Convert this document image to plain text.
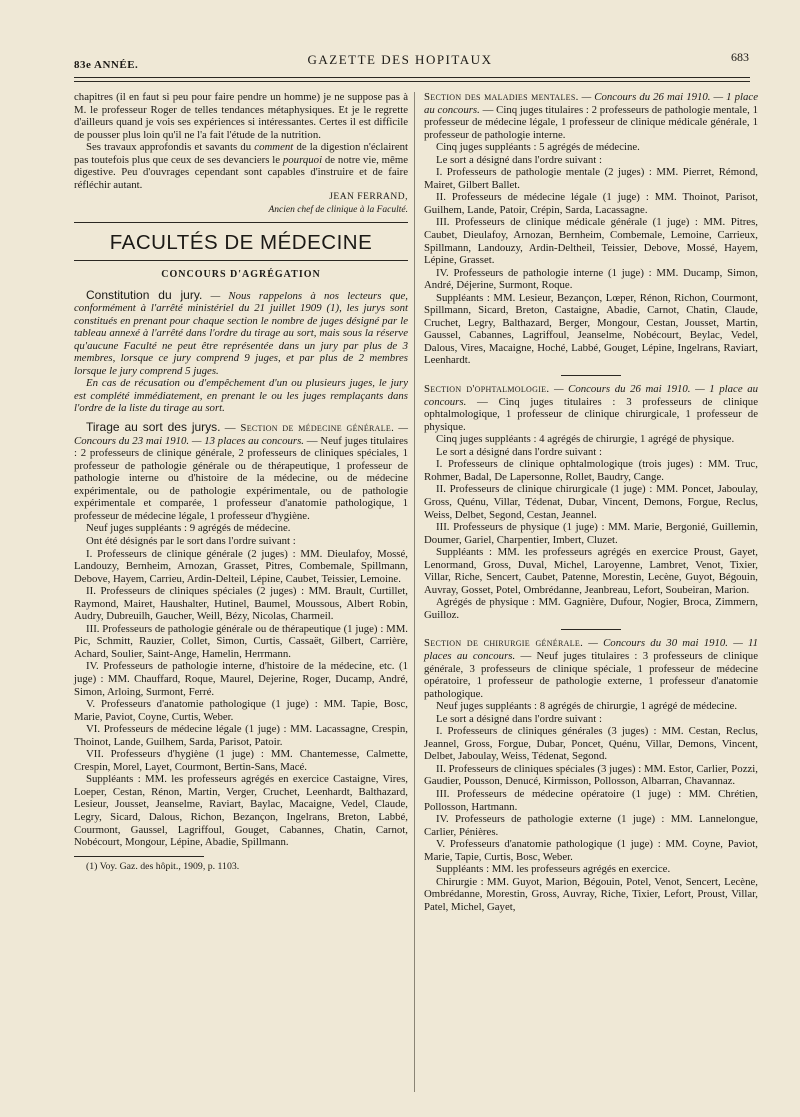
83e ANNÉE.	GAZETTE DES HOPITAUX	683

chapitres (il en faut si peu pour faire pendre un homme) je ne suppose pas à M. le professeur Roger de telles tendances métaphysiques. Et je le regrette d'ailleurs quand je vois ses expériences si intéressantes. Certes il est difficile de pousser plus loin qu'il ne l'a fait l'étude de la nutrition.

Ses travaux approfondis et savants du comment de la digestion n'éclairent pas toutefois plus que ceux de ses devanciers le pourquoi de notre vie, même digestive. Peu d'ouvrages cependant sont capables d'instruire et de faire réfléchir autant.

JEAN FERRAND,
Ancien chef de clinique à la Faculté.
FACULTÉS DE MÉDECINE
CONCOURS D'AGRÉGATION

Constitution du jury. — Nous rappelons à nos lecteurs que, conformément à l'arrêté ministériel du 21 juillet 1909 (1), les jurys sont constitués en prenant pour chaque section le nombre de juges désigné par le tableau annexé à l'arrêté dans l'ordre du tirage au sort, mais sous la réserve qu'aucune Faculté ne peut être représentée dans un jury par plus de 3 membres, lorsque ce jury comprend 9 juges, et par plus de 2 membres lorsque le jury comprend 5 juges.

En cas de récusation ou d'empêchement d'un ou plusieurs juges, le jury est complété immédiatement, en prenant le ou les juges remplaçants dans l'ordre de la liste du tirage au sort.

Tirage au sort des jurys. — Section de médecine générale. — Concours du 23 mai 1910. — 13 places au concours. — Neuf juges titulaires : 2 professeurs de clinique générale, 2 professeurs de cliniques spéciales, 1 professeur de pathologie générale ou de thérapeutique, 1 professeur de pathologie interne ou d'histoire de la médecine, ou de médecine expérimentale, ou de pathologie expérimentale, ou de pathologie expérimentale et comparée, 1 professeur d'anatomie pathologique, 1 professeur de médecine légale, 1 professeur d'hygiène.

Neuf juges suppléants : 9 agrégés de médecine.

Ont été désignés par le sort dans l'ordre suivant :

I. Professeurs de clinique générale (2 juges) : MM. Dieulafoy, Mossé, Landouzy, Bernheim, Arnozan, Grasset, Pitres, Combemale, Spillmann, Debove, Hayem, Carrieu, Ardin-Delteil, Lépine, Caubet, Teissier, Lemoine.

II. Professeurs de cliniques spéciales (2 juges) : MM. Brault, Curtillet, Raymond, Mairet, Haushalter, Hutinel, Baumel, Moussous, Albert Robin, Audry, Dubreuilh, Gaucher, Weill, Bézy, Nicolas, Charmeil.

III. Professeurs de pathologie générale ou de thérapeutique (1 juge) : MM. Pic, Schmitt, Rauzier, Collet, Simon, Curtis, Cassaët, Gilbert, Carrière, Achard, Soulier, Saint-Ange, Hamelin, Herrmann.

IV. Professeurs de pathologie interne, d'histoire de la médecine, etc. (1 juge) : MM. Chauffard, Roque, Maurel, Dejerine, Roger, Ducamp, André, Simon, Arloing, Surmont, Ferré.

V. Professeurs d'anatomie pathologique (1 juge) : MM. Tapie, Bosc, Marie, Paviot, Coyne, Curtis, Weber.

VI. Professeurs de médecine légale (1 juge) : MM. Lacassagne, Crespin, Thoinot, Lande, Guilhem, Sarda, Parisot, Patoir.

VII. Professeurs d'hygiène (1 juge) : MM. Chantemesse, Calmette, Crespin, Morel, Layet, Courmont, Bertin-Sans, Macé.

Suppléants : MM. les professeurs agrégés en exercice Castaigne, Vires, Loeper, Cestan, Rénon, Martin, Verger, Cruchet, Leenhardt, Balthazard, Lesieur, Jousset, Jeanselme, Raviart, Baylac, Macaigne, Vedel, Claude, Legry, Sicard, Dalous, Richon, Bezançon, Ingelrans, Breton, Labbé, Courmont, Gaussel, Lagriffoul, Gouget, Cabannes, Chatin, Carnot, Nobécourt, Mongour, Lépine, Abadie, Spillmann.

(1) Voy. Gaz. des hôpit., 1909, p. 1103.

Section des maladies mentales. — Concours du 26 mai 1910. — 1 place au concours. — Cinq juges titulaires : 2 professeurs de pathologie mentale, 1 professeur de médecine légale, 1 professeur de clinique médicale générale, 1 professeur de pathologie interne.

Cinq juges suppléants : 5 agrégés de médecine.

Le sort a désigné dans l'ordre suivant :

I. Professeurs de pathologie mentale (2 juges) : MM. Pierret, Rémond, Mairet, Gilbert Ballet.

II. Professeurs de médecine légale (1 juge) : MM. Thoinot, Parisot, Guilhem, Lande, Patoir, Crépin, Sarda, Lacassagne.

III. Professeurs de clinique médicale générale (1 juge) : MM. Pitres, Caubet, Dieulafoy, Arnozan, Bernheim, Combemale, Lemoine, Carrieux, Spillmann, Landouzy, Ardin-Deltheil, Teissier, Debove, Mossé, Hayem, Lépine, Grasset.

IV. Professeurs de pathologie interne (1 juge) : MM. Ducamp, Simon, André, Déjerine, Surmont, Roque.

Suppléants : MM. Lesieur, Bezançon, Lœper, Rénon, Richon, Courmont, Spillmann, Sicard, Breton, Castaigne, Abadie, Carnot, Chatin, Claude, Cruchet, Legry, Balthazard, Berger, Mongour, Cestan, Jousset, Martin, Gaussel, Cabannes, Lagriffoul, Jeanselme, Nobécourt, Beylac, Vedel, Dalous, Vires, Macaigne, Hoché, Labbé, Gouget, Lépine, Ingelrans, Raviart, Leenhardt.

Section d'ophtalmologie. — Concours du 26 mai 1910. — 1 place au concours. — Cinq juges titulaires : 3 professeurs de clinique ophtalmologique, 1 professeur de clinique chirurgicale, 1 professeur de physique.

Cinq juges suppléants : 4 agrégés de chirurgie, 1 agrégé de physique.

Le sort a désigné dans l'ordre suivant :

I. Professeurs de clinique ophtalmologique (trois juges) : MM. Truc, Rohmer, Badal, De Lapersonne, Rollet, Baudry, Cange.

II. Professeurs de clinique chirurgicale (1 juge) : MM. Poncet, Jaboulay, Gross, Quénu, Villar, Tédenat, Dubar, Vincent, Demons, Forgue, Reclus, Weiss, Delbet, Segond, Cestan, Jeannel.

III. Professeurs de physique (1 juge) : MM. Marie, Bergonié, Guillemin, Doumer, Gariel, Charpentier, Imbert, Cluzet.

Suppléants : MM. les professeurs agrégés en exercice Proust, Gayet, Lenormand, Gross, Duval, Michel, Laroyenne, Lambret, Venot, Tixier, Villar, Riche, Sencert, Caubet, Patenne, Morestin, Lecène, Guyot, Bégouin, Auvray, Gosset, Potel, Ombrédanne, Jeanbreau, Lefort, Soubeiran, Marion.

Agrégés de physique : MM. Gagnière, Dufour, Nogier, Broca, Zimmern, Guilloz.

Section de chirurgie générale. — Concours du 30 mai 1910. — 11 places au concours. — Neuf juges titulaires : 3 professeurs de clinique générale, 3 professeurs de clinique spéciale, 1 professeur de médecine opératoire, 1 professeur de pathologie externe, 1 professeur d'anatomie pathologique.

Neuf juges suppléants : 8 agrégés de chirurgie, 1 agrégé de médecine.

Le sort a désigné dans l'ordre suivant :

I. Professeurs de cliniques générales (3 juges) : MM. Cestan, Reclus, Jeannel, Gross, Forgue, Dubar, Poncet, Quénu, Villar, Demons, Vincent, Delbet, Jaboulay, Weiss, Tédenat, Segond.

II. Professeurs de cliniques spéciales (3 juges) : MM. Estor, Carlier, Pozzi, Gaudier, Pousson, Denucé, Kirmisson, Pollosson, Albarran, Chavannaz.

III. Professeurs de médecine opératoire (1 juge) : MM. Chrétien, Pollosson, Hartmann.

IV. Professeurs de pathologie externe (1 juge) : MM. Lannelongue, Carlier, Pénières.

V. Professeurs d'anatomie pathologique (1 juge) : MM. Coyne, Paviot, Marie, Tapie, Curtis, Bosc, Weber.

Suppléants : MM. les professeurs agrégés en exercice.

Chirurgie : MM. Guyot, Marion, Bégouin, Potel, Venot, Sencert, Lecène, Ombrédanne, Morestin, Gross, Auvray, Riche, Tixier, Lefort, Proust, Villar, Patel, Michel, Gayet,
